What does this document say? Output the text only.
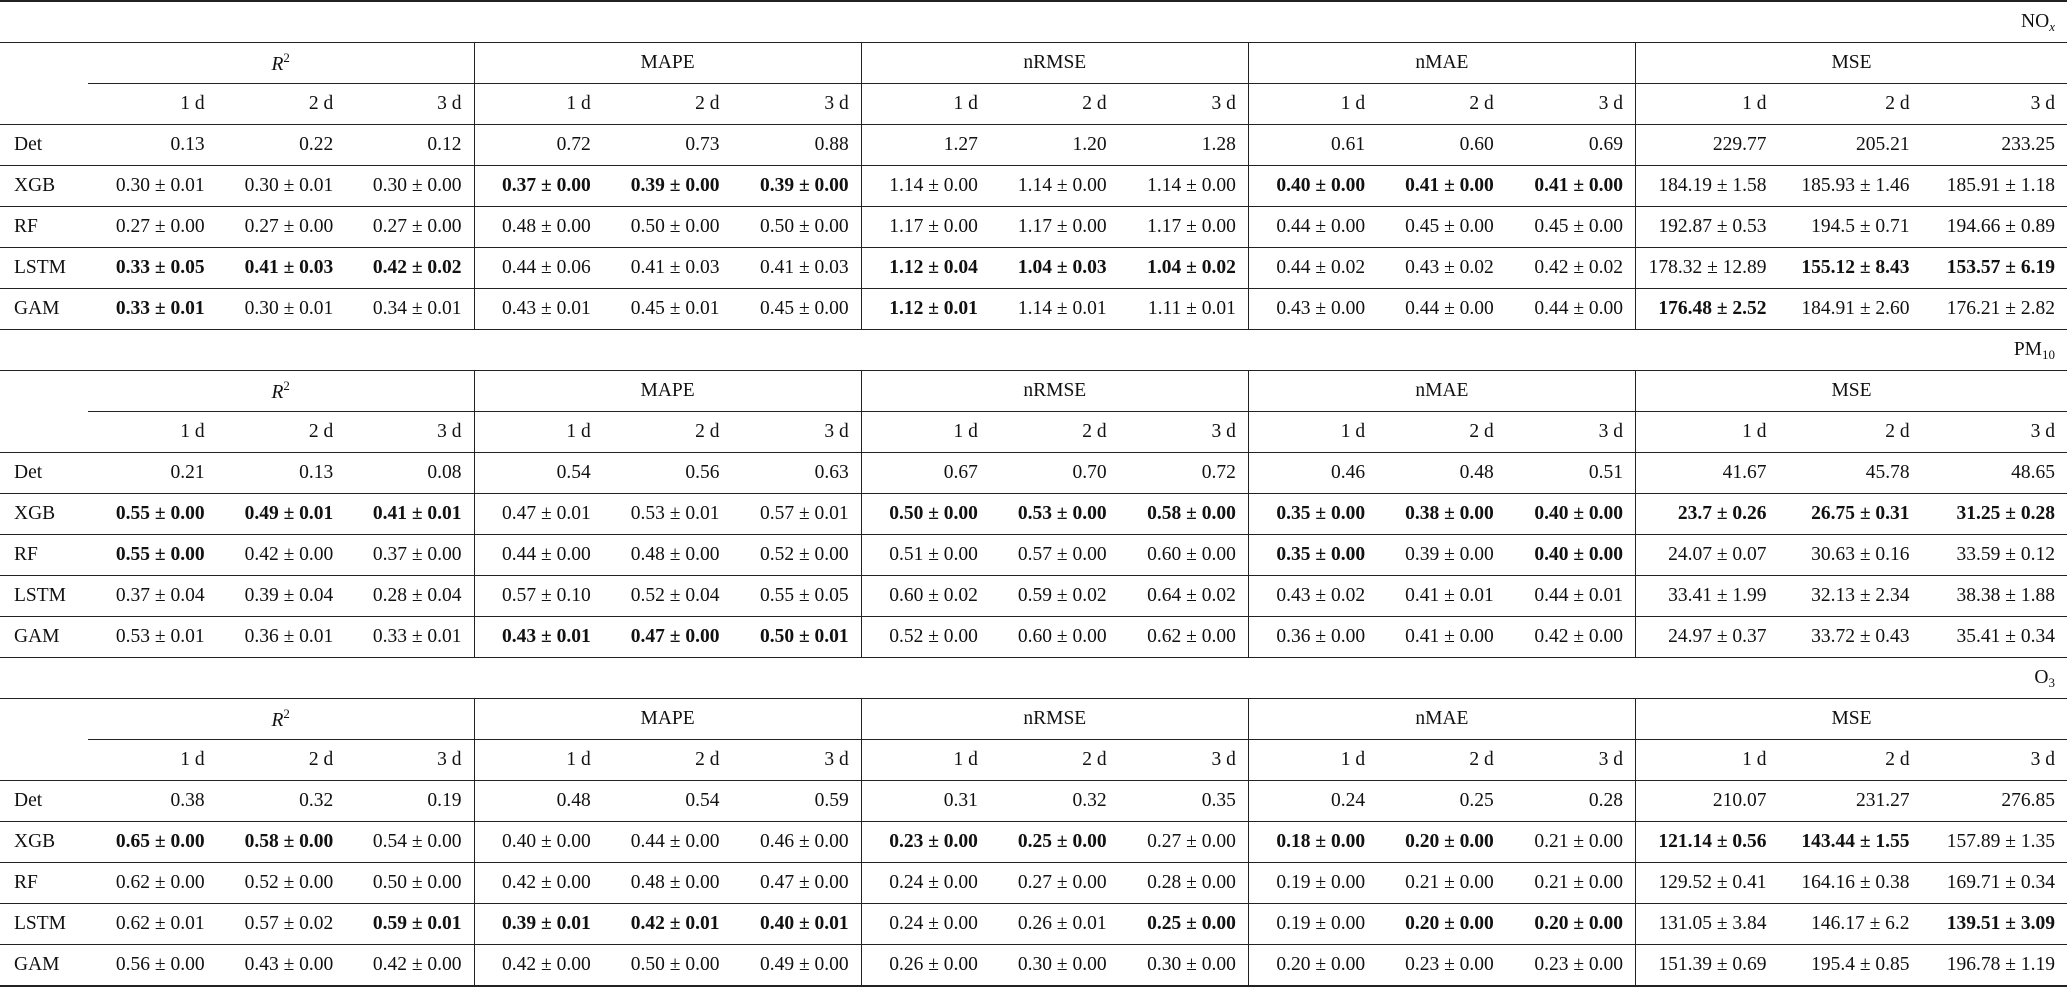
$NO_x$
	$R^2$			MAPE			nRMSE			nMAE			MSE		
	1 d	2 d	3 d	1 d	2 d	3 d	1 d	2 d	3 d	1 d	2 d	3 d	1 d	2 d	3 d
Det	0.13	0.22	0.12	0.72	0.73	0.88	1.27	1.20	1.28	0.61	0.60	0.69	229.77	205.21	233.25
XGB	0.30 ± 0.01	0.30 ± 0.01	0.30 ± 0.00	0.37 ± 0.00	0.39 ± 0.00	0.39 ± 0.00	1.14 ± 0.00	1.14 ± 0.00	1.14 ± 0.00	0.40 ± 0.00	0.41 ± 0.00	0.41 ± 0.00	184.19 ± 1.58	185.93 ± 1.46	185.91 ± 1.18
RF	0.27 ± 0.00	0.27 ± 0.00	0.27 ± 0.00	0.48 ± 0.00	0.50 ± 0.00	0.50 ± 0.00	1.17 ± 0.00	1.17 ± 0.00	1.17 ± 0.00	0.44 ± 0.00	0.45 ± 0.00	0.45 ± 0.00	192.87 ± 0.53	194.5 ± 0.71	194.66 ± 0.89
LSTM	0.33 ± 0.05	0.41 ± 0.03	0.42 ± 0.02	0.44 ± 0.06	0.41 ± 0.03	0.41 ± 0.03	1.12 ± 0.04	1.04 ± 0.03	1.04 ± 0.02	0.44 ± 0.02	0.43 ± 0.02	0.42 ± 0.02	178.32 ± 12.89	155.12 ± 8.43	153.57 ± 6.19
GAM	0.33 ± 0.01	0.30 ± 0.01	0.34 ± 0.01	0.43 ± 0.01	0.45 ± 0.01	0.45 ± 0.00	1.12 ± 0.01	1.14 ± 0.01	1.11 ± 0.01	0.43 ± 0.00	0.44 ± 0.00	0.44 ± 0.00	176.48 ± 2.52	184.91 ± 2.60	176.21 ± 2.82
$PM_{10}$
	$R^2$			MAPE			nRMSE			nMAE			MSE		
	1 d	2 d	3 d	1 d	2 d	3 d	1 d	2 d	3 d	1 d	2 d	3 d	1 d	2 d	3 d
Det	0.21	0.13	0.08	0.54	0.56	0.63	0.67	0.70	0.72	0.46	0.48	0.51	41.67	45.78	48.65
XGB	0.55 ± 0.00	0.49 ± 0.01	0.41 ± 0.01	0.47 ± 0.01	0.53 ± 0.01	0.57 ± 0.01	0.50 ± 0.00	0.53 ± 0.00	0.58 ± 0.00	0.35 ± 0.00	0.38 ± 0.00	0.40 ± 0.00	23.7 ± 0.26	26.75 ± 0.31	31.25 ± 0.28
RF	0.55 ± 0.00	0.42 ± 0.00	0.37 ± 0.00	0.44 ± 0.00	0.48 ± 0.00	0.52 ± 0.00	0.51 ± 0.00	0.57 ± 0.00	0.60 ± 0.00	0.35 ± 0.00	0.39 ± 0.00	0.40 ± 0.00	24.07 ± 0.07	30.63 ± 0.16	33.59 ± 0.12
LSTM	0.37 ± 0.04	0.39 ± 0.04	0.28 ± 0.04	0.57 ± 0.10	0.52 ± 0.04	0.55 ± 0.05	0.60 ± 0.02	0.59 ± 0.02	0.64 ± 0.02	0.43 ± 0.02	0.41 ± 0.01	0.44 ± 0.01	33.41 ± 1.99	32.13 ± 2.34	38.38 ± 1.88
GAM	0.53 ± 0.01	0.36 ± 0.01	0.33 ± 0.01	0.43 ± 0.01	0.47 ± 0.00	0.50 ± 0.01	0.52 ± 0.00	0.60 ± 0.00	0.62 ± 0.00	0.36 ± 0.00	0.41 ± 0.00	0.42 ± 0.00	24.97 ± 0.37	33.72 ± 0.43	35.41 ± 0.34
$O_3$
	$R^2$			MAPE			nRMSE			nMAE			MSE		
	1 d	2 d	3 d	1 d	2 d	3 d	1 d	2 d	3 d	1 d	2 d	3 d	1 d	2 d	3 d
Det	0.38	0.32	0.19	0.48	0.54	0.59	0.31	0.32	0.35	0.24	0.25	0.28	210.07	231.27	276.85
XGB	0.65 ± 0.00	0.58 ± 0.00	0.54 ± 0.00	0.40 ± 0.00	0.44 ± 0.00	0.46 ± 0.00	0.23 ± 0.00	0.25 ± 0.00	0.27 ± 0.00	0.18 ± 0.00	0.20 ± 0.00	0.21 ± 0.00	121.14 ± 0.56	143.44 ± 1.55	157.89 ± 1.35
RF	0.62 ± 0.00	0.52 ± 0.00	0.50 ± 0.00	0.42 ± 0.00	0.48 ± 0.00	0.47 ± 0.00	0.24 ± 0.00	0.27 ± 0.00	0.28 ± 0.00	0.19 ± 0.00	0.21 ± 0.00	0.21 ± 0.00	129.52 ± 0.41	164.16 ± 0.38	169.71 ± 0.34
LSTM	0.62 ± 0.01	0.57 ± 0.02	0.59 ± 0.01	0.39 ± 0.01	0.42 ± 0.01	0.40 ± 0.01	0.24 ± 0.00	0.26 ± 0.01	0.25 ± 0.00	0.19 ± 0.00	0.20 ± 0.00	0.20 ± 0.00	131.05 ± 3.84	146.17 ± 6.2	139.51 ± 3.09
GAM	0.56 ± 0.00	0.43 ± 0.00	0.42 ± 0.00	0.42 ± 0.00	0.50 ± 0.00	0.49 ± 0.00	0.26 ± 0.00	0.30 ± 0.00	0.30 ± 0.00	0.20 ± 0.00	0.23 ± 0.00	0.23 ± 0.00	151.39 ± 0.69	195.4 ± 0.85	196.78 ± 1.19
